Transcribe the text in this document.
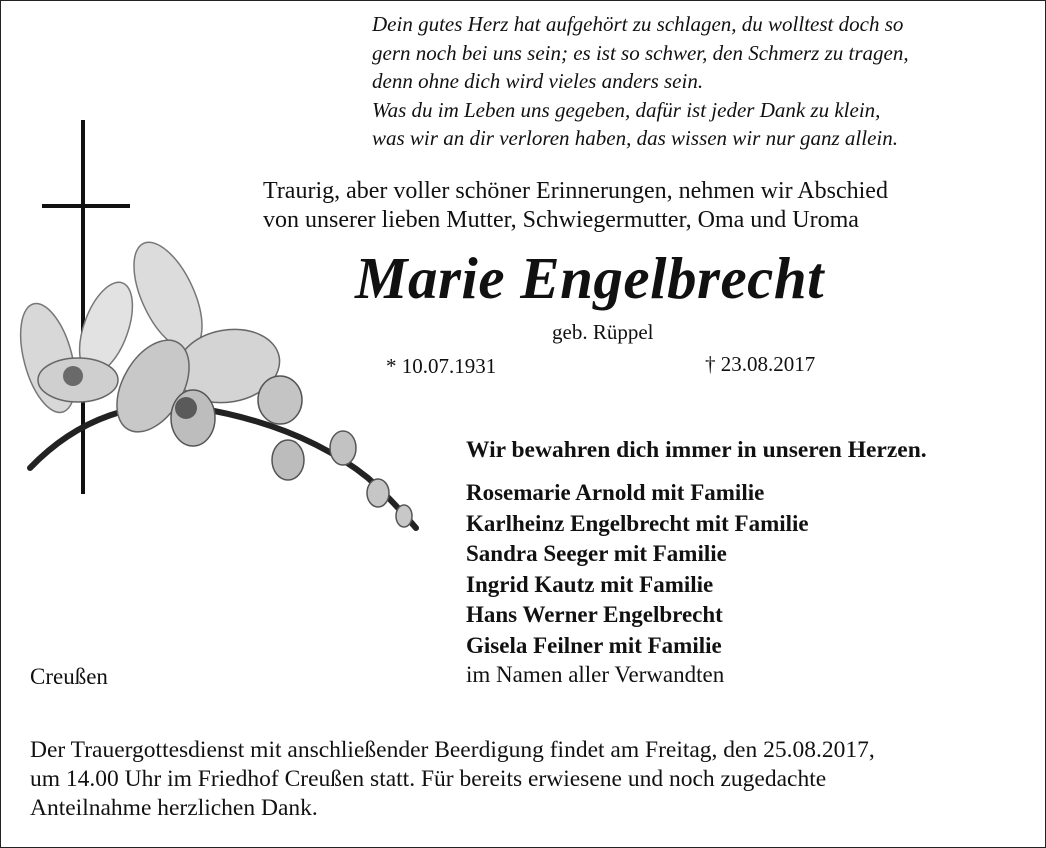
Dein gutes Herz hat aufgehört zu schlagen, du wolltest doch so
gern noch bei uns sein; es ist so schwer, den Schmerz zu tragen,
denn ohne dich wird vieles anders sein.
Was du im Leben uns gegeben, dafür ist jeder Dank zu klein,
was wir an dir verloren haben, das wissen wir nur ganz allein.
Traurig, aber voller schöner Erinnerungen, nehmen wir Abschied
von unserer lieben Mutter, Schwiegermutter, Oma und Uroma
Marie Engelbrecht
geb. Rüppel
* 10.07.1931	† 23.08.2017
Wir bewahren dich immer in unseren Herzen.
Rosemarie Arnold mit Familie
Karlheinz Engelbrecht mit Familie
Sandra Seeger mit Familie
Ingrid Kautz mit Familie
Hans Werner Engelbrecht
Gisela Feilner mit Familie
im Namen aller Verwandten
Creußen
Der Trauergottesdienst mit anschließender Beerdigung findet am Freitag, den 25.08.2017,
um 14.00 Uhr im Friedhof Creußen statt. Für bereits erwiesene und noch zugedachte
Anteilnahme herzlichen Dank.
